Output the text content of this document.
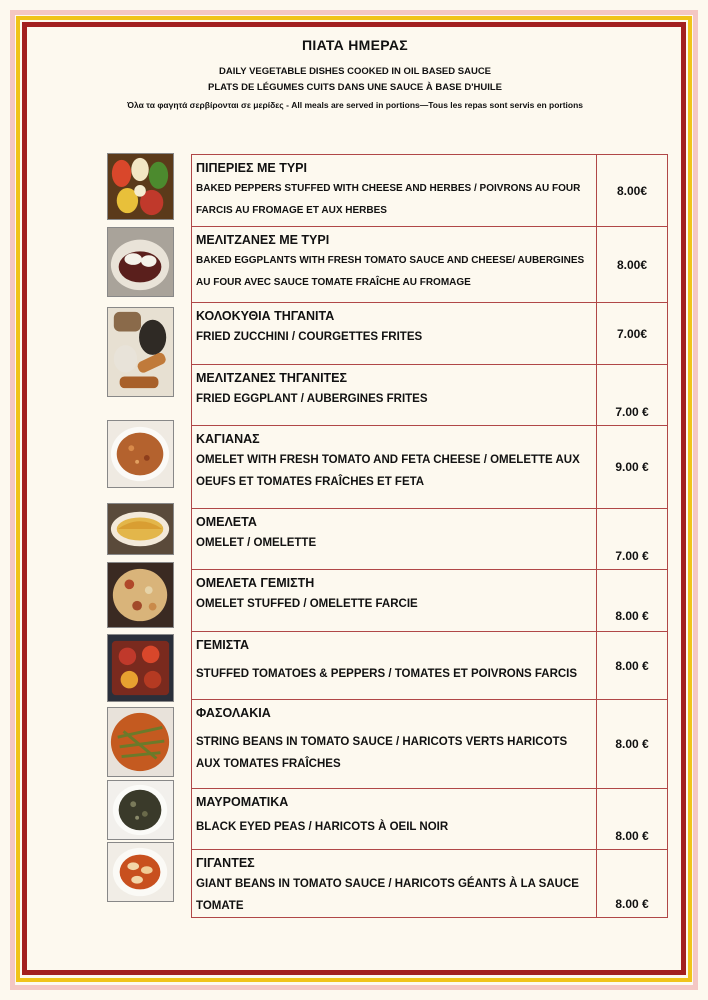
ΠΙΑΤΑ ΗΜΕΡΑΣ
DAILY VEGETABLE DISHES COOKED IN OIL BASED SAUCE
PLATS DE LÉGUMES CUITS DANS UNE SAUCE À BASE D'HUILE
Όλα τα φαγητά σερβίρονται σε μερίδες - All meals are served in portions—Tous les repas sont servis en portions
ΠΙΠΕΡΙΕΣ ΜΕ ΤΥΡΙ
BAKED PEPPERS STUFFED WITH CHEESE AND HERBES / POIVRONS AU FOUR FARCIS AU FROMAGE ET AUX HERBES	8.00€

ΜΕΛΙΤΖΑΝΕΣ ΜΕ ΤΥΡΙ
BAKED EGGPLANTS WITH FRESH TOMATO SAUCE AND CHEESE/ AUBERGINES AU FOUR AVEC SAUCE TOMATE FRAÎCHE AU FROMAGE	8.00€

ΚΟΛΟΚΥΘΙΑ ΤΗΓΑΝΙΤΑ
FRIED ZUCCHINI / COURGETTES FRITES	7.00€

ΜΕΛΙΤΖΑΝΕΣ ΤΗΓΑΝΙΤΕΣ
FRIED EGGPLANT / AUBERGINES FRITES	7.00 €

ΚΑΓΙΑΝΑΣ
OMELET WITH FRESH TOMATO AND FETA CHEESE / OMELETTE AUX OEUFS ET TOMATES FRAÎCHES ET FETA	9.00 €

ΟΜΕΛΕΤΑ
OMELET / OMELETTE	7.00 €

ΟΜΕΛΕΤΑ ΓΕΜΙΣΤΗ
OMELET STUFFED / OMELETTE FARCIE	8.00 €

ΓΕΜΙΣΤΑ
STUFFED TOMATOES & PEPPERS / TOMATES ET POIVRONS FARCIS	8.00 €

ΦΑΣΟΛΑΚΙΑ
STRING BEANS IN TOMATO SAUCE / HARICOTS VERTS HARICOTS AUX TOMATES FRAÎCHES	8.00 €

ΜΑΥΡΟΜΑΤΙΚΑ
BLACK EYED PEAS / HARICOTS À OEIL NOIR	8.00 €

ΓΙΓΑΝΤΕΣ
GIANT BEANS IN TOMATO SAUCE / HARICOTS GÉANTS À LA SAUCE TOMATE	8.00 €
